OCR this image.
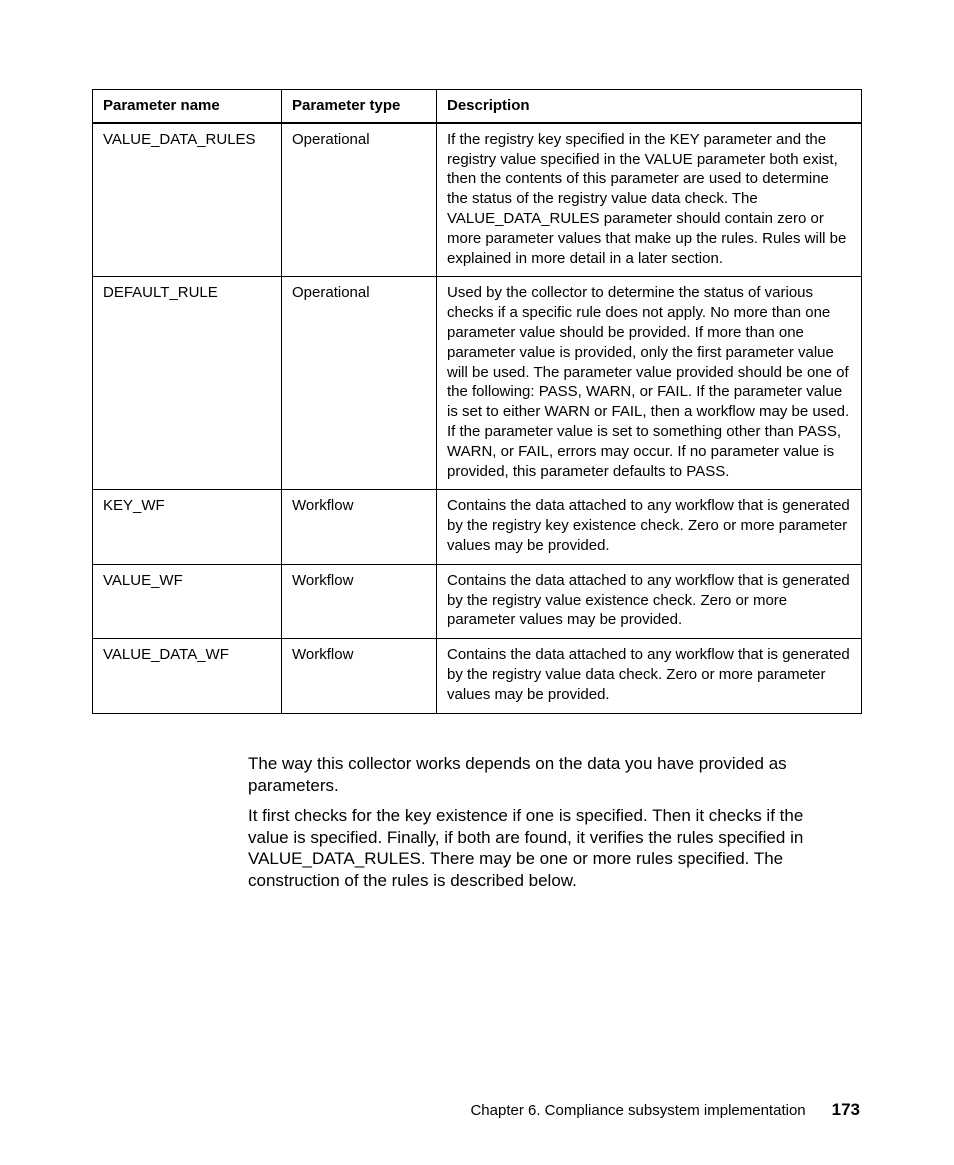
Parameter name	Parameter type	Description
VALUE_DATA_RULES	Operational	If the registry key specified in the KEY parameter and the registry value specified in the VALUE parameter both exist, then the contents of this parameter are used to determine the status of the registry value data check. The VALUE_DATA_RULES parameter should contain zero or more parameter values that make up the rules. Rules will be explained in more detail in a later section.
DEFAULT_RULE	Operational	Used by the collector to determine the status of various checks if a specific rule does not apply. No more than one parameter value should be provided. If more than one parameter value is provided, only the first parameter value will be used. The parameter value provided should be one of the following: PASS, WARN, or FAIL. If the parameter value is set to either WARN or FAIL, then a workflow may be used. If the parameter value is set to something other than PASS, WARN, or FAIL, errors may occur. If no parameter value is provided, this parameter defaults to PASS.
KEY_WF	Workflow	Contains the data attached to any workflow that is generated by the registry key existence check. Zero or more parameter values may be provided.
VALUE_WF	Workflow	Contains the data attached to any workflow that is generated by the registry value existence check. Zero or more parameter values may be provided.
VALUE_DATA_WF	Workflow	Contains the data attached to any workflow that is generated by the registry value data check. Zero or more parameter values may be provided.

The way this collector works depends on the data you have provided as parameters.

It first checks for the key existence if one is specified. Then it checks if the value is specified. Finally, if both are found, it verifies the rules specified in VALUE_DATA_RULES. There may be one or more rules specified. The construction of the rules is described below.

Chapter 6. Compliance subsystem implementation 173
